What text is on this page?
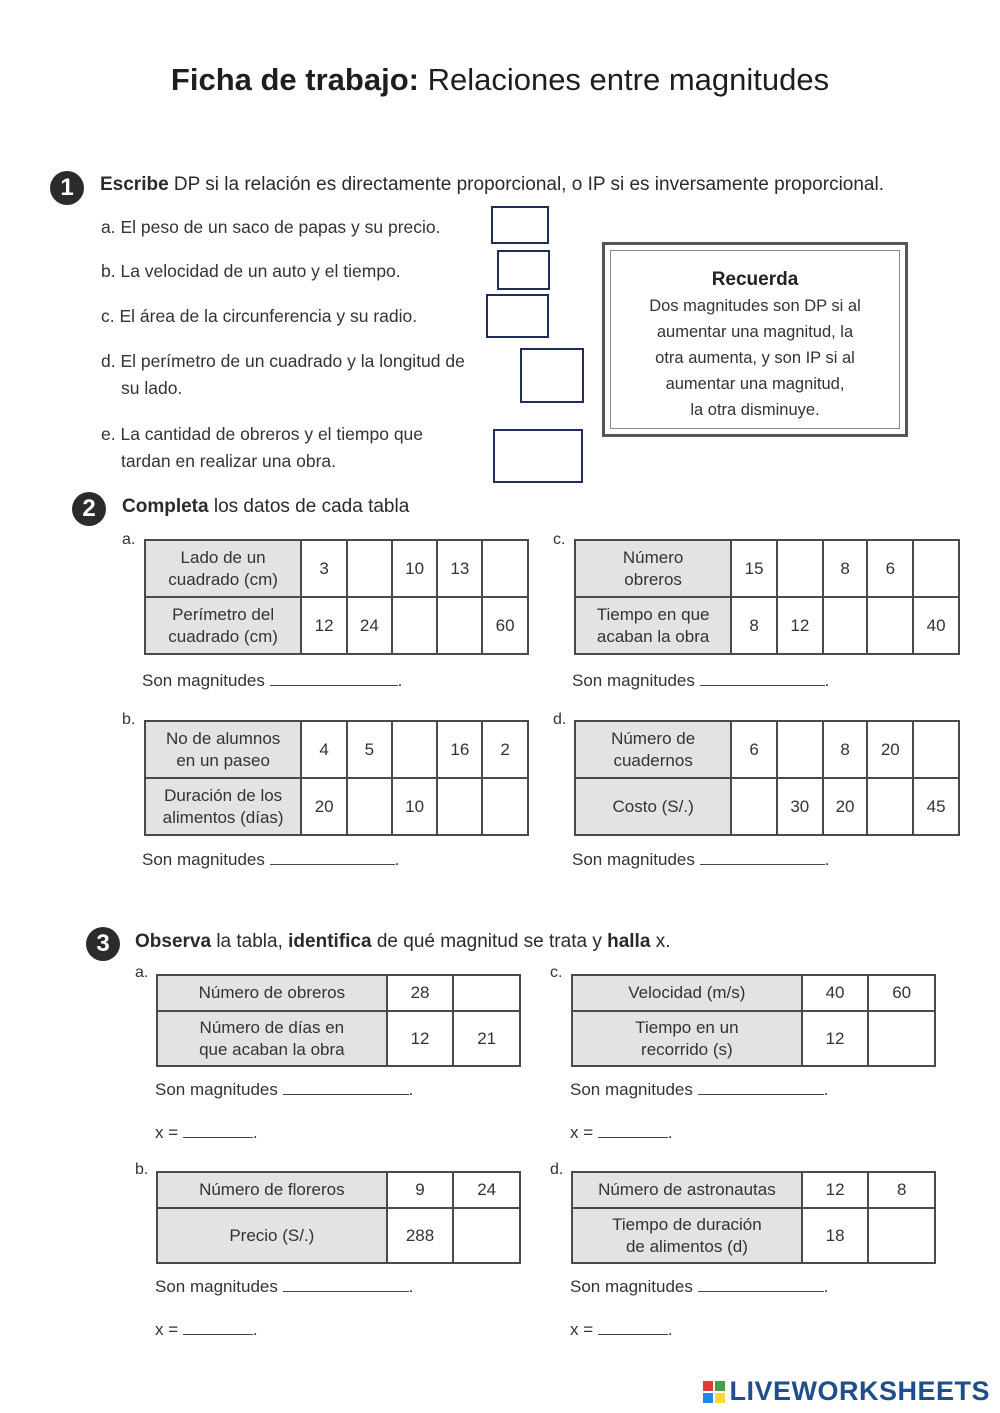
Ficha de trabajo: Relaciones entre magnitudes
1	Escribe DP si la relación es directamente proporcional, o IP si es inversamente proporcional.
a. El peso de un saco de papas y su precio.
b. La velocidad de un auto y el tiempo.
c. El área de la circunferencia y su radio.
d. El perímetro de un cuadrado y la longitud de
su lado.
e. La cantidad de obreros y el tiempo que
tardan en realizar una obra.
Recuerda
Dos magnitudes son DP si al
aumentar una magnitud, la
otra aumenta, y son IP si al
aumentar una magnitud,
la otra disminuye.
2	Completa los datos de cada tabla
a.
Lado de un
cuadrado (cm)	3		10	13	
Perímetro del
cuadrado (cm)	12	24			60
Son magnitudes	.
c.
Número
obreros	15		8	6	
Tiempo en que
acaban la obra	8	12			40
Son magnitudes	.
b.
No de alumnos
en un paseo	4	5		16	2
Duración de los
alimentos (días)	20		10		
Son magnitudes	.
d.
Número de
cuadernos	6		8	20	
Costo (S/.)		30	20		45
Son magnitudes	.
3	Observa la tabla, identifica de qué magnitud se trata y halla x.
a.
Número de obreros	28	
Número de días en
que acaban la obra	12	21
Son magnitudes	.
x =	.
c.
Velocidad (m/s)	40	60
Tiempo en un
recorrido (s)	12	
Son magnitudes	.
x =	.
b.
Número de floreros	9	24
Precio (S/.)	288	
Son magnitudes	.
x =	.
d.
Número de astronautas	12	8
Tiempo de duración
de alimentos (d)	18	
Son magnitudes	.
x =	.
LIVEWORKSHEETS
